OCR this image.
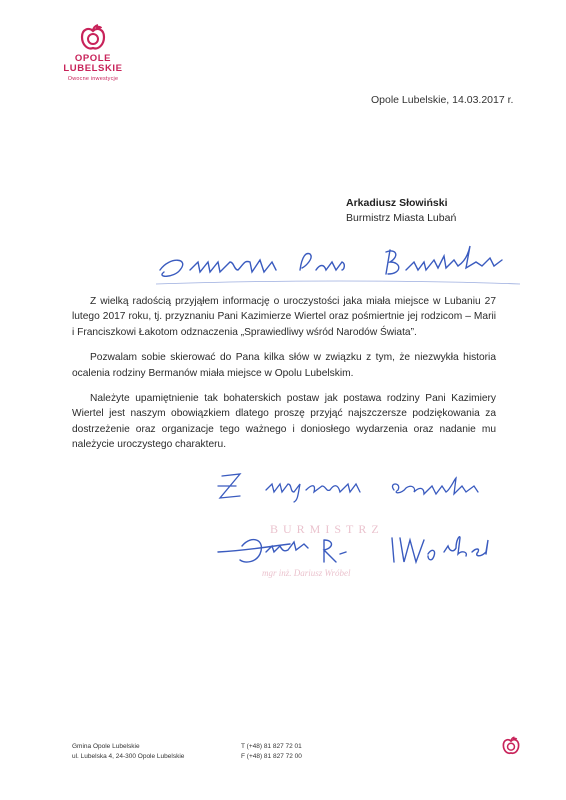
OPOLE
LUBELSKIE
Owocne inwestycje
Opole Lubelskie, 14.03.2017 r.
Arkadiusz Słowiński
Burmistrz Miasta Lubań

Z wielką radością przyjąłem informację o uroczystości jaka miała miejsce w Lubaniu 27 lutego 2017 roku, tj. przyznaniu Pani Kazimierze Wiertel oraz pośmiertnie jej rodzicom – Marii i Franciszkowi Łakotom odznaczenia „Sprawiedliwy wśród Narodów Świata”.

Pozwalam sobie skierować do Pana kilka słów w związku z tym, że niezwykła historia ocalenia rodziny Bermanów miała miejsce w Opolu Lubelskim.

Należyte upamiętnienie tak bohaterskich postaw jak postawa rodziny Pani Kazimiery Wiertel jest naszym obowiązkiem dlatego proszę przyjąć najszczersze podziękowania za dostrzeżenie oraz organizacje tego ważnego i doniosłego wydarzenia oraz nadanie mu należycie uroczystego charakteru.

BURMISTRZ
mgr inż. Dariusz Wróbel
Gmina Opole Lubelskie
ul. Lubelska 4, 24-300 Opole Lubelskie
T (+48) 81 827 72 01
F (+48) 81 827 72 00
